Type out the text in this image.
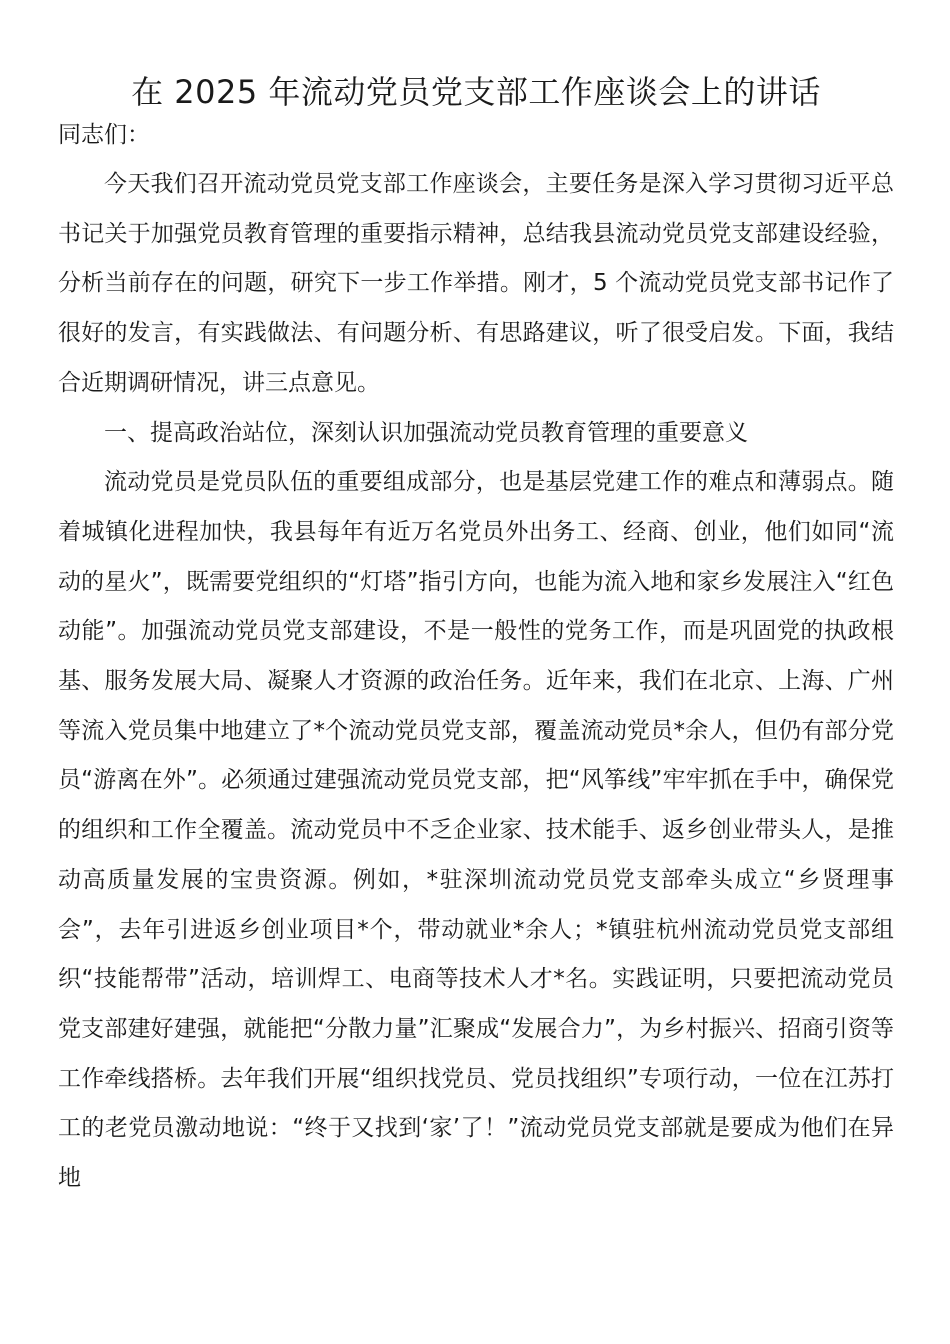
在 2025 年流动党员党支部工作座谈会上的讲话

同志们：

今天我们召开流动党员党支部工作座谈会，主要任务是深入学习贯彻习近平总书记关于加强党员教育管理的重要指示精神，总结我县流动党员党支部建设经验，分析当前存在的问题，研究下一步工作举措。刚才，5 个流动党员党支部书记作了很好的发言，有实践做法、有问题分析、有思路建议，听了很受启发。下面，我结合近期调研情况，讲三点意见。

一、提高政治站位，深刻认识加强流动党员教育管理的重要意义

流动党员是党员队伍的重要组成部分，也是基层党建工作的难点和薄弱点。随着城镇化进程加快，我县每年有近万名党员外出务工、经商、创业，他们如同“流动的星火”，既需要党组织的“灯塔”指引方向，也能为流入地和家乡发展注入“红色动能”。加强流动党员党支部建设，不是一般性的党务工作，而是巩固党的执政根基、服务发展大局、凝聚人才资源的政治任务。近年来，我们在北京、上海、广州等流入党员集中地建立了*个流动党员党支部，覆盖流动党员*余人，但仍有部分党员“游离在外”。必须通过建强流动党员党支部，把“风筝线”牢牢抓在手中，确保党的组织和工作全覆盖。流动党员中不乏企业家、技术能手、返乡创业带头人，是推动高质量发展的宝贵资源。例如，*驻深圳流动党员党支部牵头成立“乡贤理事会”，去年引进返乡创业项目*个，带动就业*余人；*镇驻杭州流动党员党支部组织“技能帮带”活动，培训焊工、电商等技术人才*名。实践证明，只要把流动党员党支部建好建强，就能把“分散力量”汇聚成“发展合力”，为乡村振兴、招商引资等工作牵线搭桥。去年我们开展“组织找党员、党员找组织”专项行动，一位在江苏打工的老党员激动地说：“终于又找到‘家’了！”流动党员党支部就是要成为他们在异地
